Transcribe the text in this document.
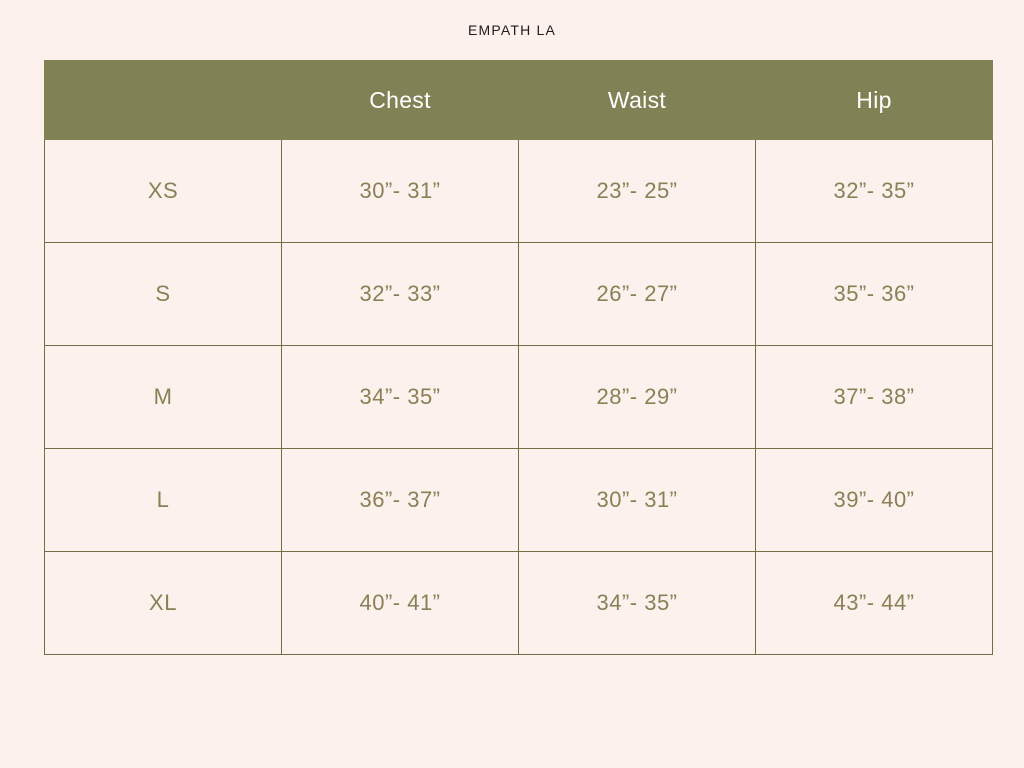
EMPATH LA
	Chest	Waist	Hip
XS	30”- 31”	23”- 25”	32”- 35”
S	32”- 33”	26”- 27”	35”- 36”
M	34”- 35”	28”- 29”	37”- 38”
L	36”- 37”	30”- 31”	39”- 40”
XL	40”- 41”	34”- 35”	43”- 44”
